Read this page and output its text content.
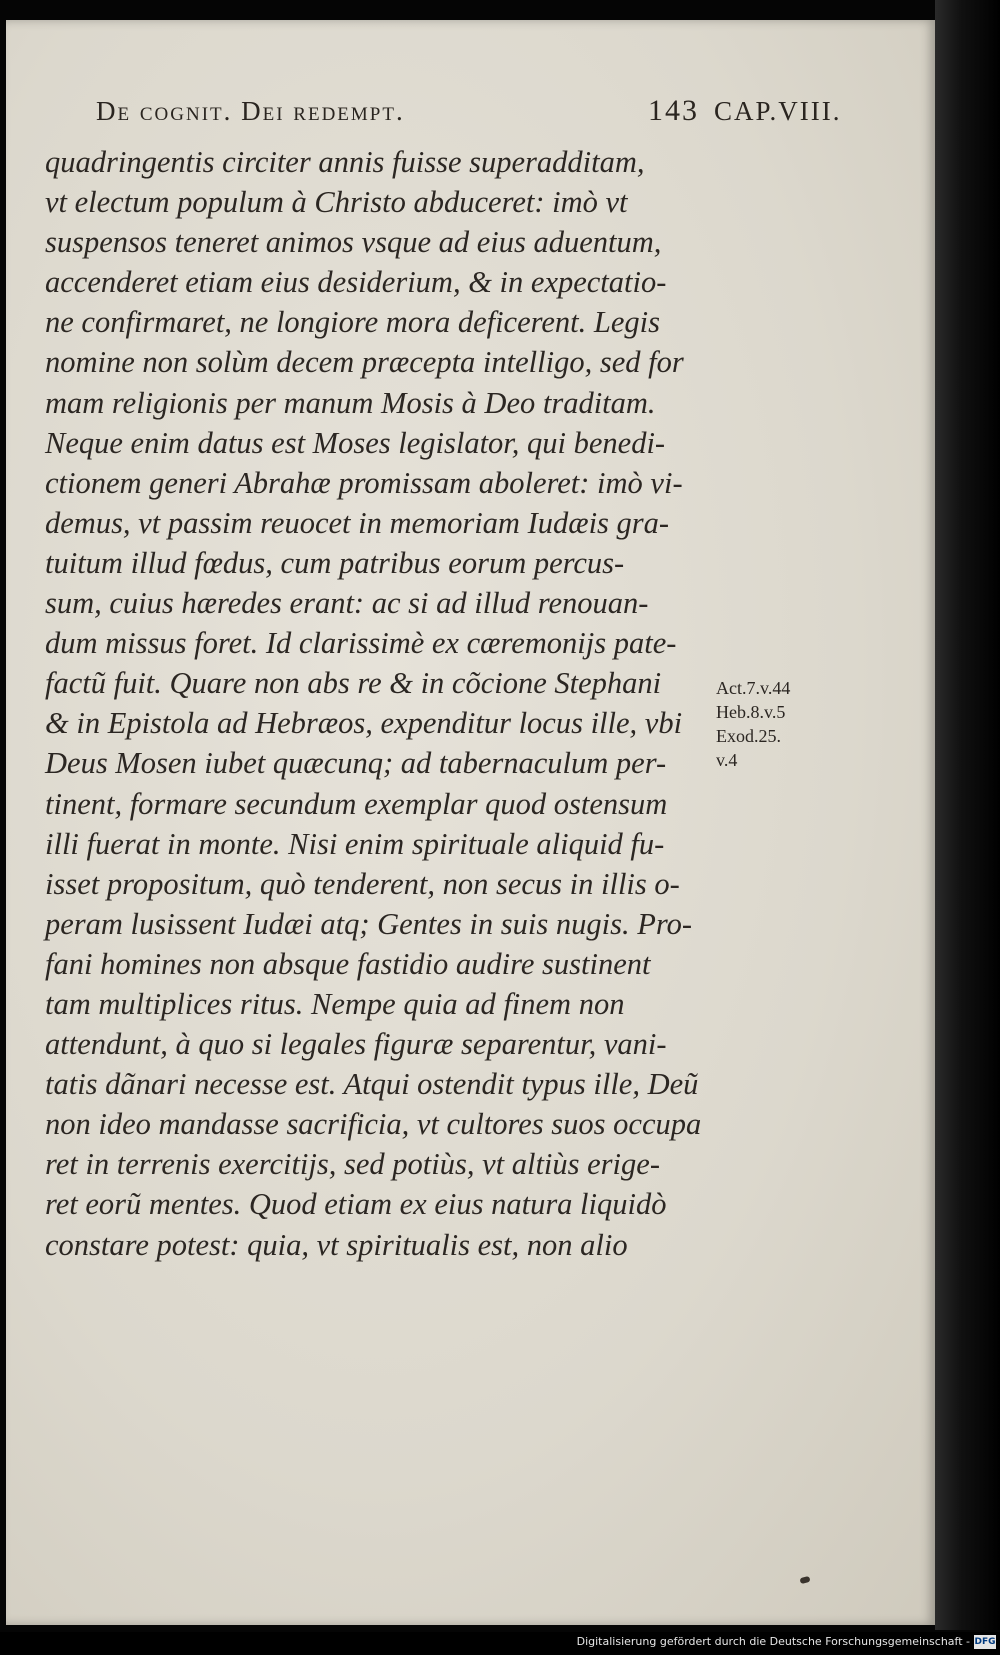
De cognit. Dei redempt.	143 CAP.VIII.
quadringentis circiter annis fuisse superadditam,
vt electum populum à Christo abduceret: imò vt
suspensos teneret animos vsque ad eius aduentum,
accenderet etiam eius desiderium, & in expectatio-
ne confirmaret, ne longiore mora deficerent. Legis
nomine non solùm decem præcepta intelligo, sed for
mam religionis per manum Mosis à Deo traditam.
Neque enim datus est Moses legislator, qui benedi-
ctionem generi Abrahæ promissam aboleret: imò vi-
demus, vt passim reuocet in memoriam Iudæis gra-
tuitum illud fœdus, cum patribus eorum percus-
sum, cuius hæredes erant: ac si ad illud renouan-
dum missus foret. Id clarissimè ex cæremonijs pate-
factũ fuit. Quare non abs re & in cõcione Stephani
& in Epistola ad Hebræos, expenditur locus ille, vbi
Deus Mosen iubet quæcunq; ad tabernaculum per-
tinent, formare secundum exemplar quod ostensum
illi fuerat in monte. Nisi enim spirituale aliquid fu-
isset propositum, quò tenderent, non secus in illis o-
peram lusissent Iudæi atq; Gentes in suis nugis. Pro-
fani homines non absque fastidio audire sustinent
tam multiplices ritus. Nempe quia ad finem non
attendunt, à quo si legales figuræ separentur, vani-
tatis dãnari necesse est. Atqui ostendit typus ille, Deũ
non ideo mandasse sacrificia, vt cultores suos occupa
ret in terrenis exercitijs, sed potiùs, vt altiùs erige-
ret eorũ mentes. Quod etiam ex eius natura liquidò
constare potest: quia, vt spiritualis est, non alio
Act.7.v.44
Heb.8.v.5
Exod.25.
v.4
Digitalisierung gefördert durch die Deutsche Forschungsgemeinschaft - DFG
